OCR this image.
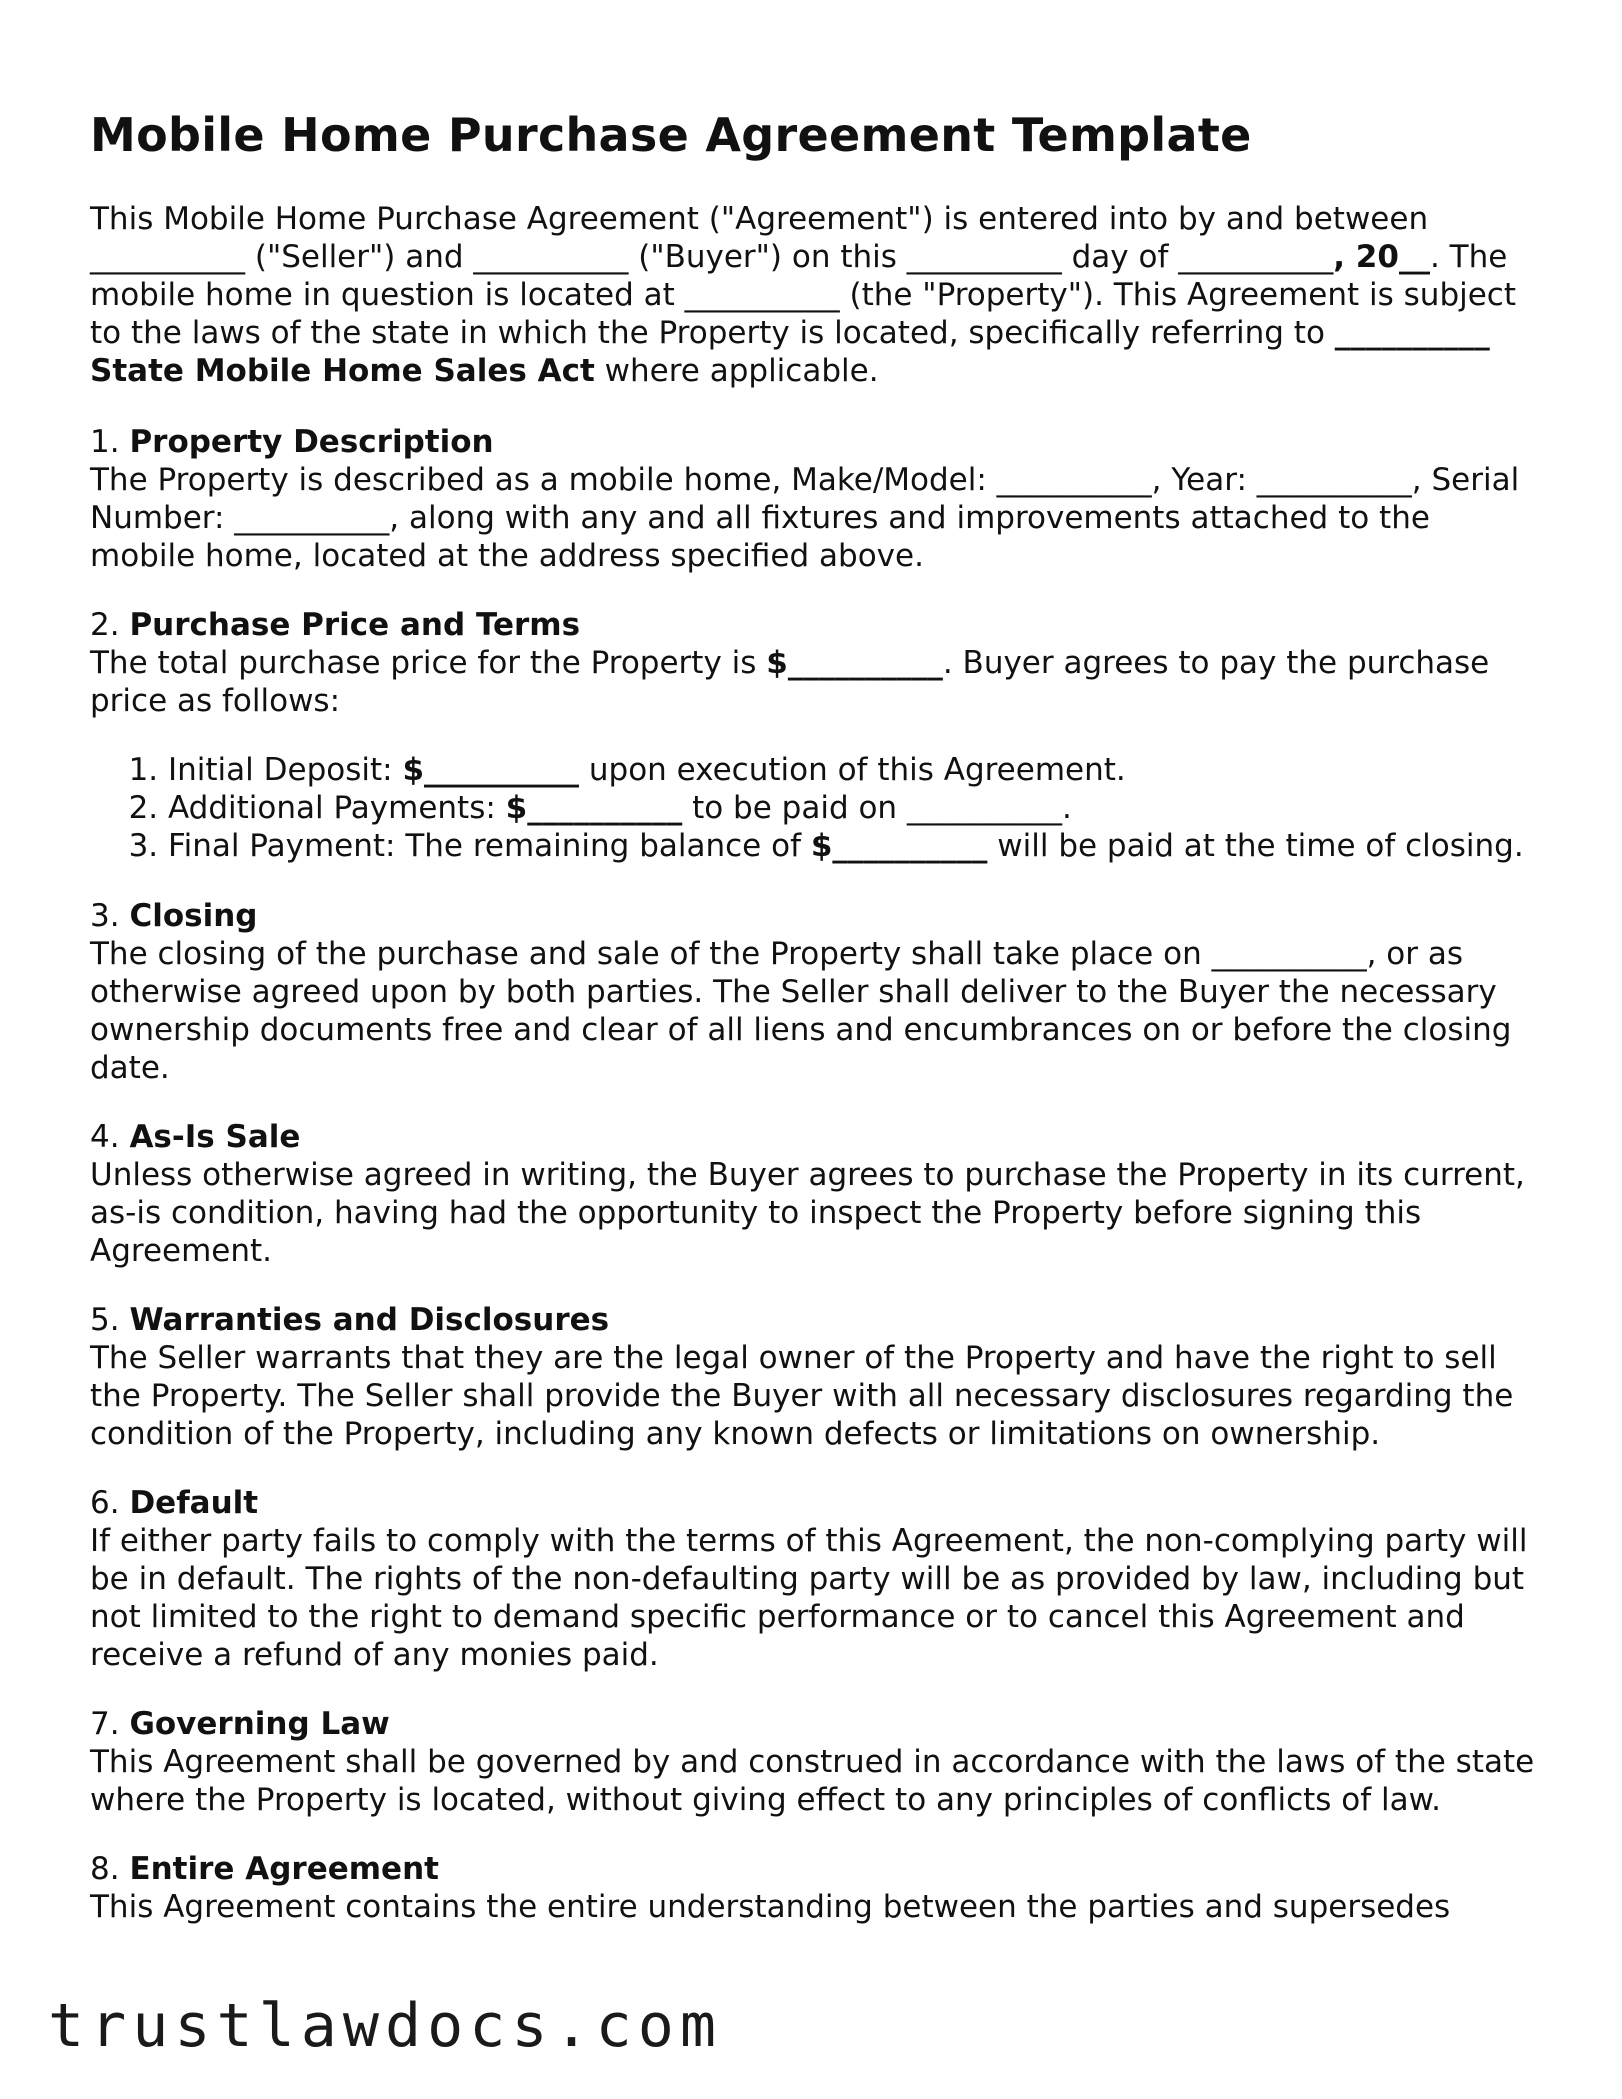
Mobile Home Purchase Agreement Template

This Mobile Home Purchase Agreement ("Agreement") is entered into by and between __________ ("Seller") and __________ ("Buyer") on this __________ day of __________, 20__. The mobile home in question is located at __________ (the "Property"). This Agreement is subject to the laws of the state in which the Property is located, specifically referring to __________ State Mobile Home Sales Act where applicable.

1. Property Description

The Property is described as a mobile home, Make/Model: __________, Year: __________, Serial Number: __________, along with any and all fixtures and improvements attached to the mobile home, located at the address specified above.

2. Purchase Price and Terms

The total purchase price for the Property is $__________. Buyer agrees to pay the purchase price as follows:

1. Initial Deposit: $__________ upon execution of this Agreement.
2. Additional Payments: $__________ to be paid on __________.
3. Final Payment: The remaining balance of $__________ will be paid at the time of closing.

3. Closing

The closing of the purchase and sale of the Property shall take place on __________, or as otherwise agreed upon by both parties. The Seller shall deliver to the Buyer the necessary ownership documents free and clear of all liens and encumbrances on or before the closing date.

4. As-Is Sale

Unless otherwise agreed in writing, the Buyer agrees to purchase the Property in its current, as-is condition, having had the opportunity to inspect the Property before signing this Agreement.

5. Warranties and Disclosures

The Seller warrants that they are the legal owner of the Property and have the right to sell the Property. The Seller shall provide the Buyer with all necessary disclosures regarding the condition of the Property, including any known defects or limitations on ownership.

6. Default

If either party fails to comply with the terms of this Agreement, the non-complying party will be in default. The rights of the non-defaulting party will be as provided by law, including but not limited to the right to demand specific performance or to cancel this Agreement and receive a refund of any monies paid.

7. Governing Law

This Agreement shall be governed by and construed in accordance with the laws of the state where the Property is located, without giving effect to any principles of conflicts of law.

8. Entire Agreement

This Agreement contains the entire understanding between the parties and supersedes

trustlawdocs.com
